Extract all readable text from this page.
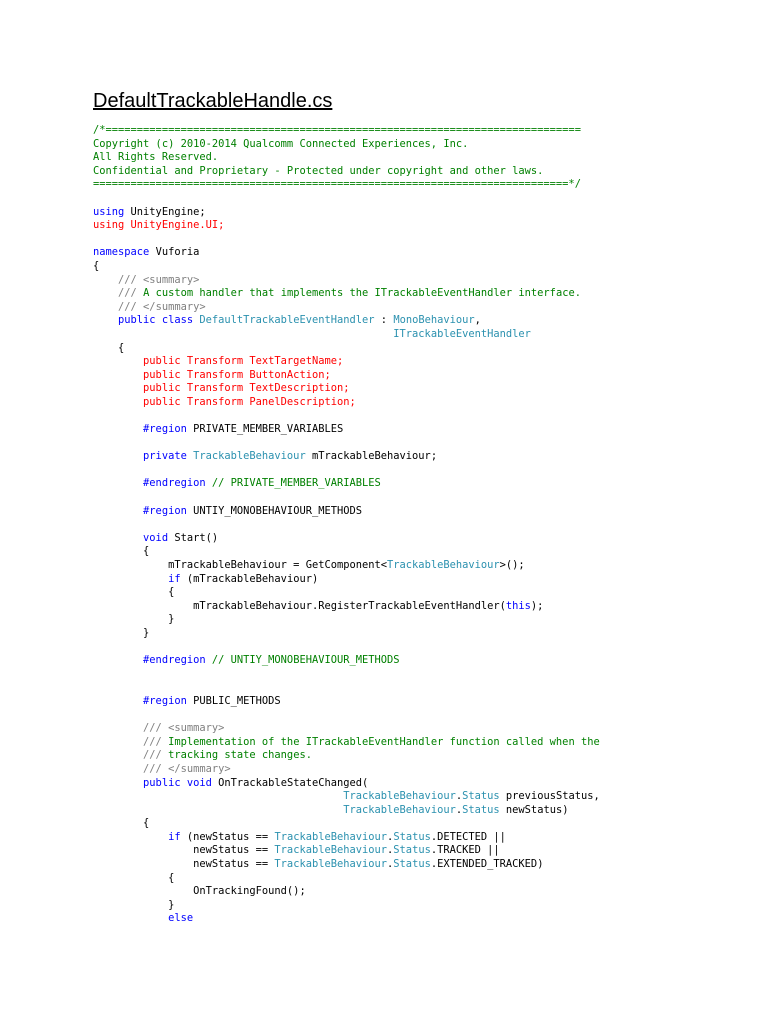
DefaultTrackableHandle.cs
/*============================================================================
Copyright (c) 2010-2014 Qualcomm Connected Experiences, Inc.
All Rights Reserved.
Confidential and Proprietary - Protected under copyright and other laws.
============================================================================*/
using UnityEngine;
using UnityEngine.UI;
namespace Vuforia
{
/// <summary>
/// A custom handler that implements the ITrackableEventHandler interface.
/// </summary>
public class DefaultTrackableEventHandler : MonoBehaviour,
ITrackableEventHandler
{
public Transform TextTargetName;
public Transform ButtonAction;
public Transform TextDescription;
public Transform PanelDescription;
#region PRIVATE_MEMBER_VARIABLES
private TrackableBehaviour mTrackableBehaviour;
#endregion // PRIVATE_MEMBER_VARIABLES
#region UNTIY_MONOBEHAVIOUR_METHODS
void Start()
{
mTrackableBehaviour = GetComponent<TrackableBehaviour>();
if (mTrackableBehaviour)
{
mTrackableBehaviour.RegisterTrackableEventHandler(this);
}
}
#endregion // UNTIY_MONOBEHAVIOUR_METHODS
#region PUBLIC_METHODS
/// <summary>
/// Implementation of the ITrackableEventHandler function called when the
/// tracking state changes.
/// </summary>
public void OnTrackableStateChanged(
TrackableBehaviour.Status previousStatus,
TrackableBehaviour.Status newStatus)
{
if (newStatus == TrackableBehaviour.Status.DETECTED ||
newStatus == TrackableBehaviour.Status.TRACKED ||
newStatus == TrackableBehaviour.Status.EXTENDED_TRACKED)
{
OnTrackingFound();
}
else
